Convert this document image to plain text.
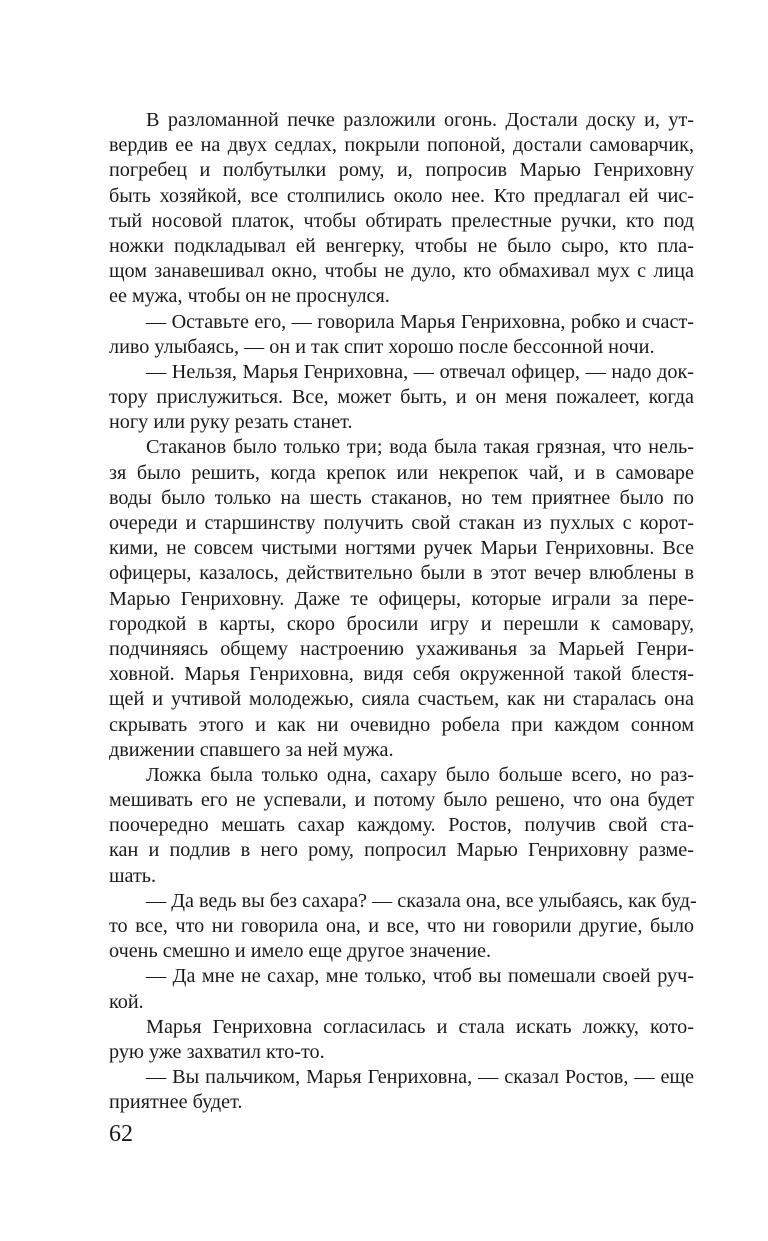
В разломанной печке разложили огонь. Достали доску и, ут-
вердив ее на двух седлах, покрыли попоной, достали самоварчик,
погребец и полбутылки рому, и, попросив Марью Генриховну
быть хозяйкой, все столпились около нее. Кто предлагал ей чис-
тый носовой платок, чтобы обтирать прелестные ручки, кто под
ножки подкладывал ей венгерку, чтобы не было сыро, кто пла-
щом занавешивал окно, чтобы не дуло, кто обмахивал мух с лица
ее мужа, чтобы он не проснулся.
— Оставьте его, — говорила Марья Генриховна, робко и счаст-
ливо улыбаясь, — он и так спит хорошо после бессонной ночи.
— Нельзя, Марья Генриховна, — отвечал офицер, — надо док-
тору прислужиться. Все, может быть, и он меня пожалеет, когда
ногу или руку резать станет.
Стаканов было только три; вода была такая грязная, что нель-
зя было решить, когда крепок или некрепок чай, и в самоваре
воды было только на шесть стаканов, но тем приятнее было по
очереди и старшинству получить свой стакан из пухлых с корот-
кими, не совсем чистыми ногтями ручек Марьи Генриховны. Все
офицеры, казалось, действительно были в этот вечер влюблены в
Марью Генриховну. Даже те офицеры, которые играли за пере-
городкой в карты, скоро бросили игру и перешли к самовару,
подчиняясь общему настроению ухаживанья за Марьей Генри-
ховной. Марья Генриховна, видя себя окруженной такой блестя-
щей и учтивой молодежью, сияла счастьем, как ни старалась она
скрывать этого и как ни очевидно робела при каждом сонном
движении спавшего за ней мужа.
Ложка была только одна, сахару было больше всего, но раз-
мешивать его не успевали, и потому было решено, что она будет
поочередно мешать сахар каждому. Ростов, получив свой ста-
кан и подлив в него рому, попросил Марью Генриховну разме-
шать.
— Да ведь вы без сахара? — сказала она, все улыбаясь, как буд-
то все, что ни говорила она, и все, что ни говорили другие, было
очень смешно и имело еще другое значение.
— Да мне не сахар, мне только, чтоб вы помешали своей руч-
кой.
Марья Генриховна согласилась и стала искать ложку, кото-
рую уже захватил кто-то.
— Вы пальчиком, Марья Генриховна, — сказал Ростов, — еще
приятнее будет.
62
